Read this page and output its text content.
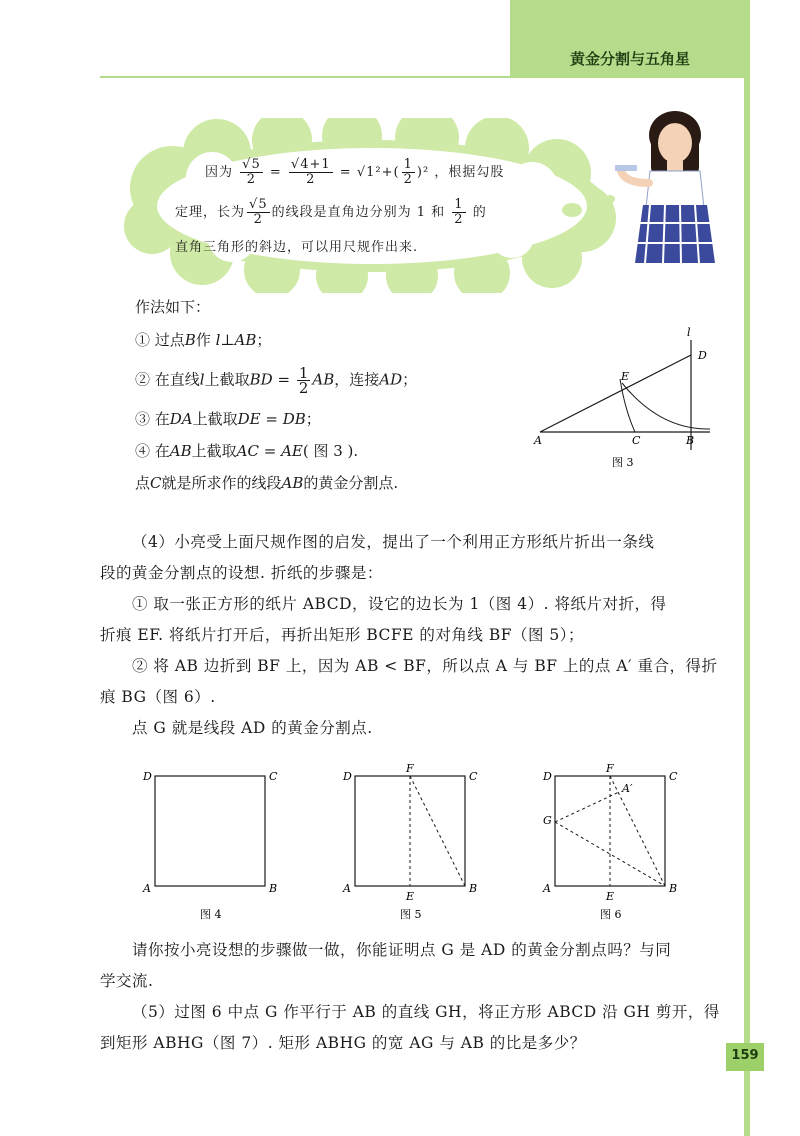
黄金分割与五角星
因为 $\frac{√5}{2} = \frac{√4+1}{2} = √1^2+( \frac{1}{2} )^2$ ，根据勾股
定理，长为 $\frac{√5}{2}$ 的线段是直角边分别为 1 和 $\frac{1}{2}$ 的
直角三角形的斜边，可以用尺规作出来.
作法如下：
① 过点B作 l⊥AB；
② 在直线l上截取BD = $\frac{1}{2}$ AB，连接AD；
③ 在DA上截取DE = DB；
④ 在AB上截取AC = AE( 图 3 ).
点C就是所求作的线段AB的黄金分割点.
l
D
E
A	C	B
图 3

（4）小亮受上面尺规作图的启发，提出了一个利用正方形纸片折出一条线

段的黄金分割点的设想. 折纸的步骤是：

① 取一张正方形的纸片 ABCD，设它的边长为 1（图 4）. 将纸片对折，得

折痕 EF. 将纸片打开后，再折出矩形 BCFE 的对角线 BF（图 5）；

② 将 AB 边折到 BF 上，因为 AB < BF，所以点 A 与 BF 上的点 A′ 重合，得折

痕 BG（图 6）.

点 G 就是线段 AD 的黄金分割点.

D	C
A	B
图 4
D
F
C
A
E
B
图 5
D
F
C
A′
G
A
E
B
图 6

请你按小亮设想的步骤做一做，你能证明点 G 是 AD 的黄金分割点吗？与同

学交流.

（5）过图 6 中点 G 作平行于 AB 的直线 GH，将正方形 ABCD 沿 GH 剪开，得

到矩形 ABHG（图 7）. 矩形 ABHG 的宽 AG 与 AB 的比是多少？

159
